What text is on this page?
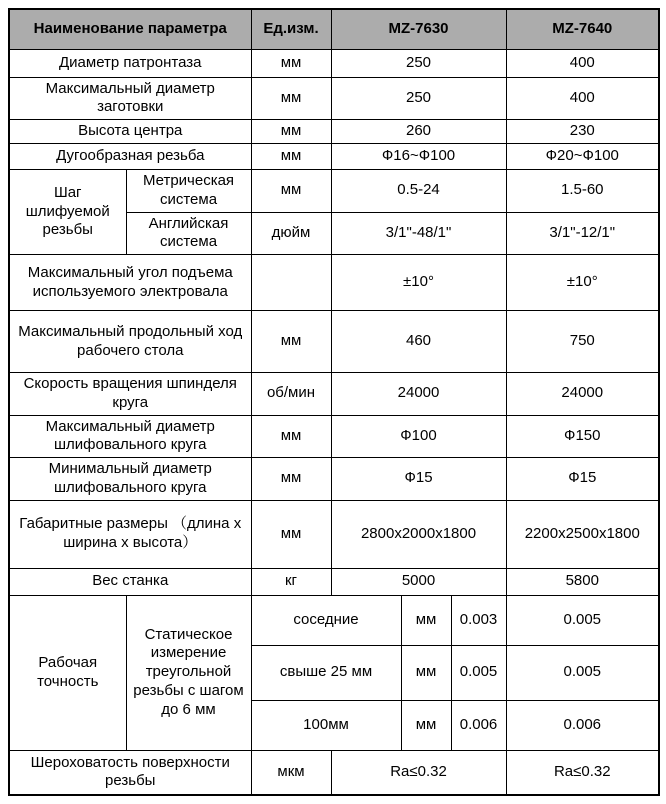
Наименование параметра		Ед.изм.	MZ-7630			MZ-7640
Диаметр патронтаза		мм	250			400
Максимальный диаметр заготовки		мм	250			400
Высота центра		мм	260			230
Дугообразная резьба		мм	Ф16~Ф100			Ф20~Ф100
Шаг шлифуемой резьбы	Метрическая система	мм	0.5-24			1.5-60
	Английская система	дюйм	3/1"-48/1"			3/1"-12/1"
Максимальный угол подъема используемого электровала			±10°			±10°
Максимальный продольный ход рабочего стола		мм	460			750
Скорость вращения шпинделя круга		об/мин	24000			24000
Максимальный диаметр шлифовального круга		мм	Ф100			Ф150
Минимальный диаметр шлифовального круга		мм	Ф15			Ф15
Габаритные размеры （длина x ширина x высота）		мм	2800x2000x1800			2200x2500x1800
Вес станка		кг	5000			5800
Рабочая точность	Статическое измерение треугольной резьбы с шагом до 6 мм	соседние		мм	0.003	0.005
		свыше 25 мм		мм	0.005	0.005
		100мм		мм	0.006	0.006
Шероховатость поверхности резьбы		мкм	Ra≤0.32			Ra≤0.32
